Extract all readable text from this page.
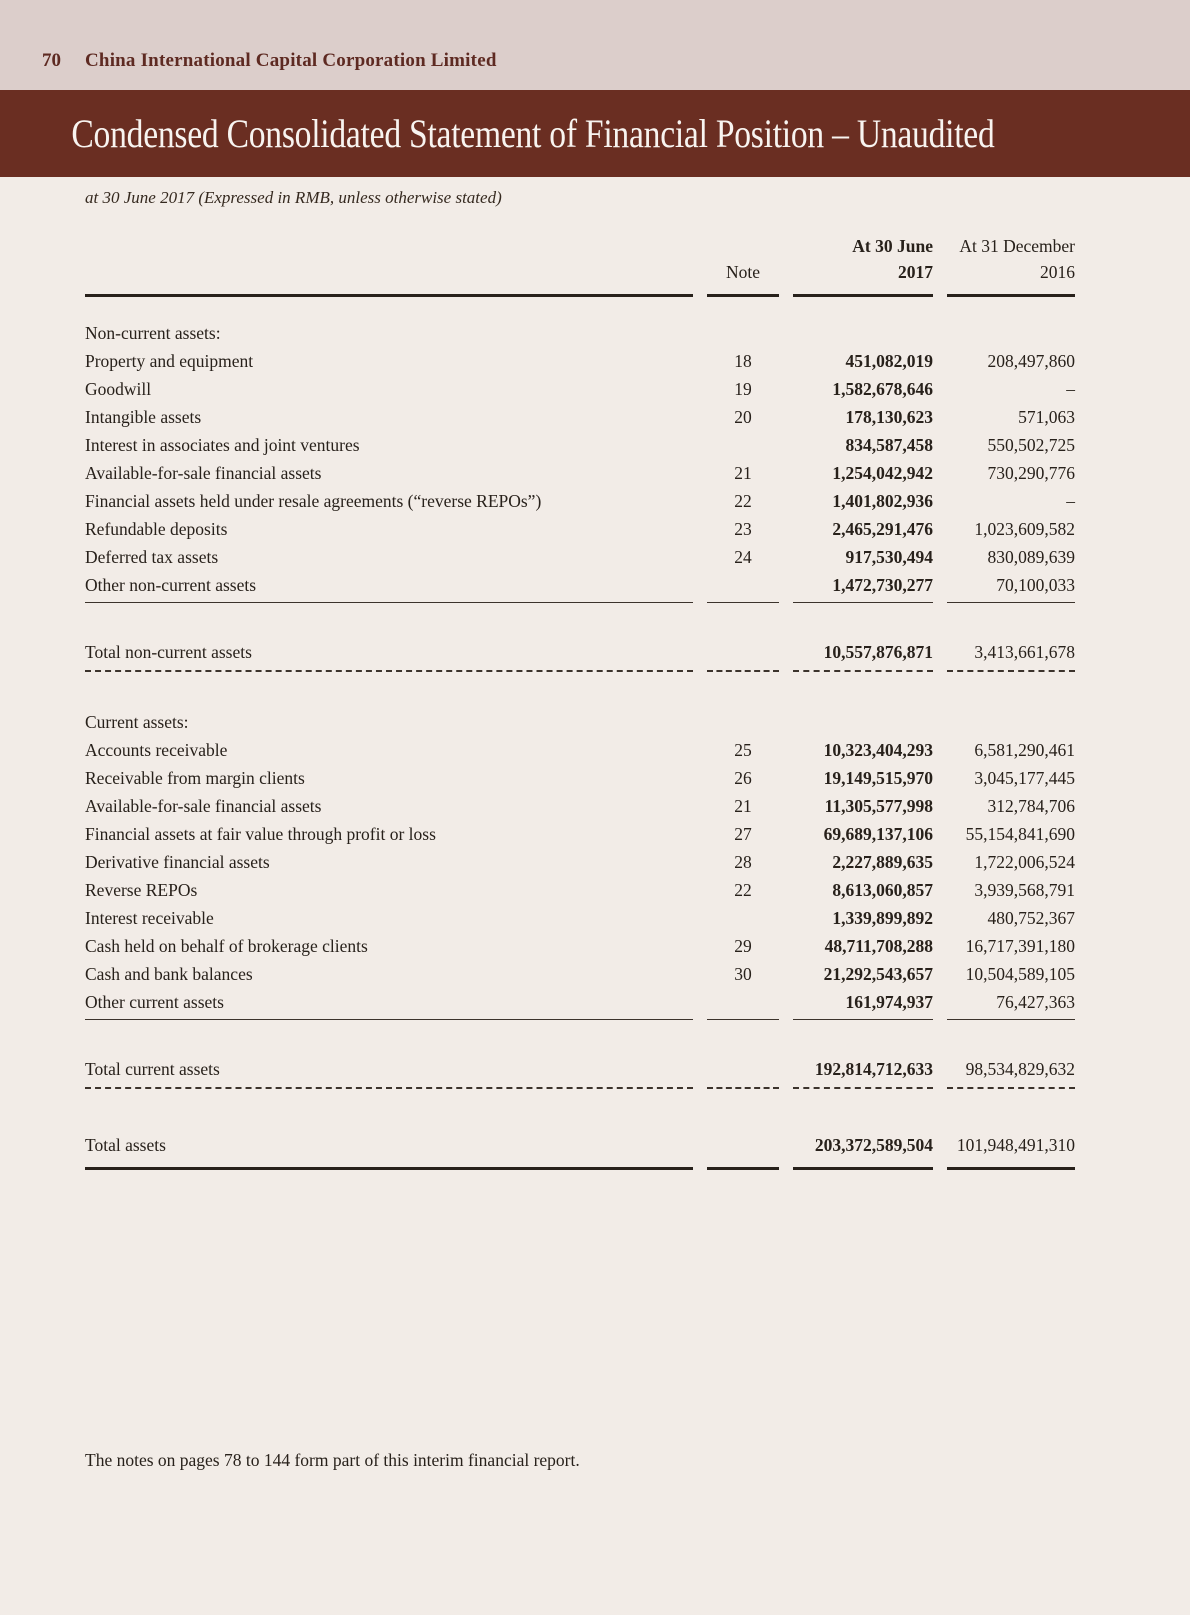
70 China International Capital Corporation Limited
Condensed Consolidated Statement of Financial Position – Unaudited
at 30 June 2017 (Expressed in RMB, unless otherwise stated)
		At 30 June	At 31 December
	Note	2017	2016

Non-current assets:			
Property and equipment	18	451,082,019	208,497,860
Goodwill	19	1,582,678,646	–
Intangible assets	20	178,130,623	571,063
Interest in associates and joint ventures		834,587,458	550,502,725
Available-for-sale financial assets	21	1,254,042,942	730,290,776
Financial assets held under resale agreements (“reverse REPOs”)	22	1,401,802,936	–
Refundable deposits	23	2,465,291,476	1,023,609,582
Deferred tax assets	24	917,530,494	830,089,639
Other non-current assets		1,472,730,277	70,100,033

Total non-current assets		10,557,876,871	3,413,661,678

Current assets:			
Accounts receivable	25	10,323,404,293	6,581,290,461
Receivable from margin clients	26	19,149,515,970	3,045,177,445
Available-for-sale financial assets	21	11,305,577,998	312,784,706
Financial assets at fair value through profit or loss	27	69,689,137,106	55,154,841,690
Derivative financial assets	28	2,227,889,635	1,722,006,524
Reverse REPOs	22	8,613,060,857	3,939,568,791
Interest receivable		1,339,899,892	480,752,367
Cash held on behalf of brokerage clients	29	48,711,708,288	16,717,391,180
Cash and bank balances	30	21,292,543,657	10,504,589,105
Other current assets		161,974,937	76,427,363

Total current assets		192,814,712,633	98,534,829,632

Total assets		203,372,589,504	101,948,491,310

The notes on pages 78 to 144 form part of this interim financial report.
